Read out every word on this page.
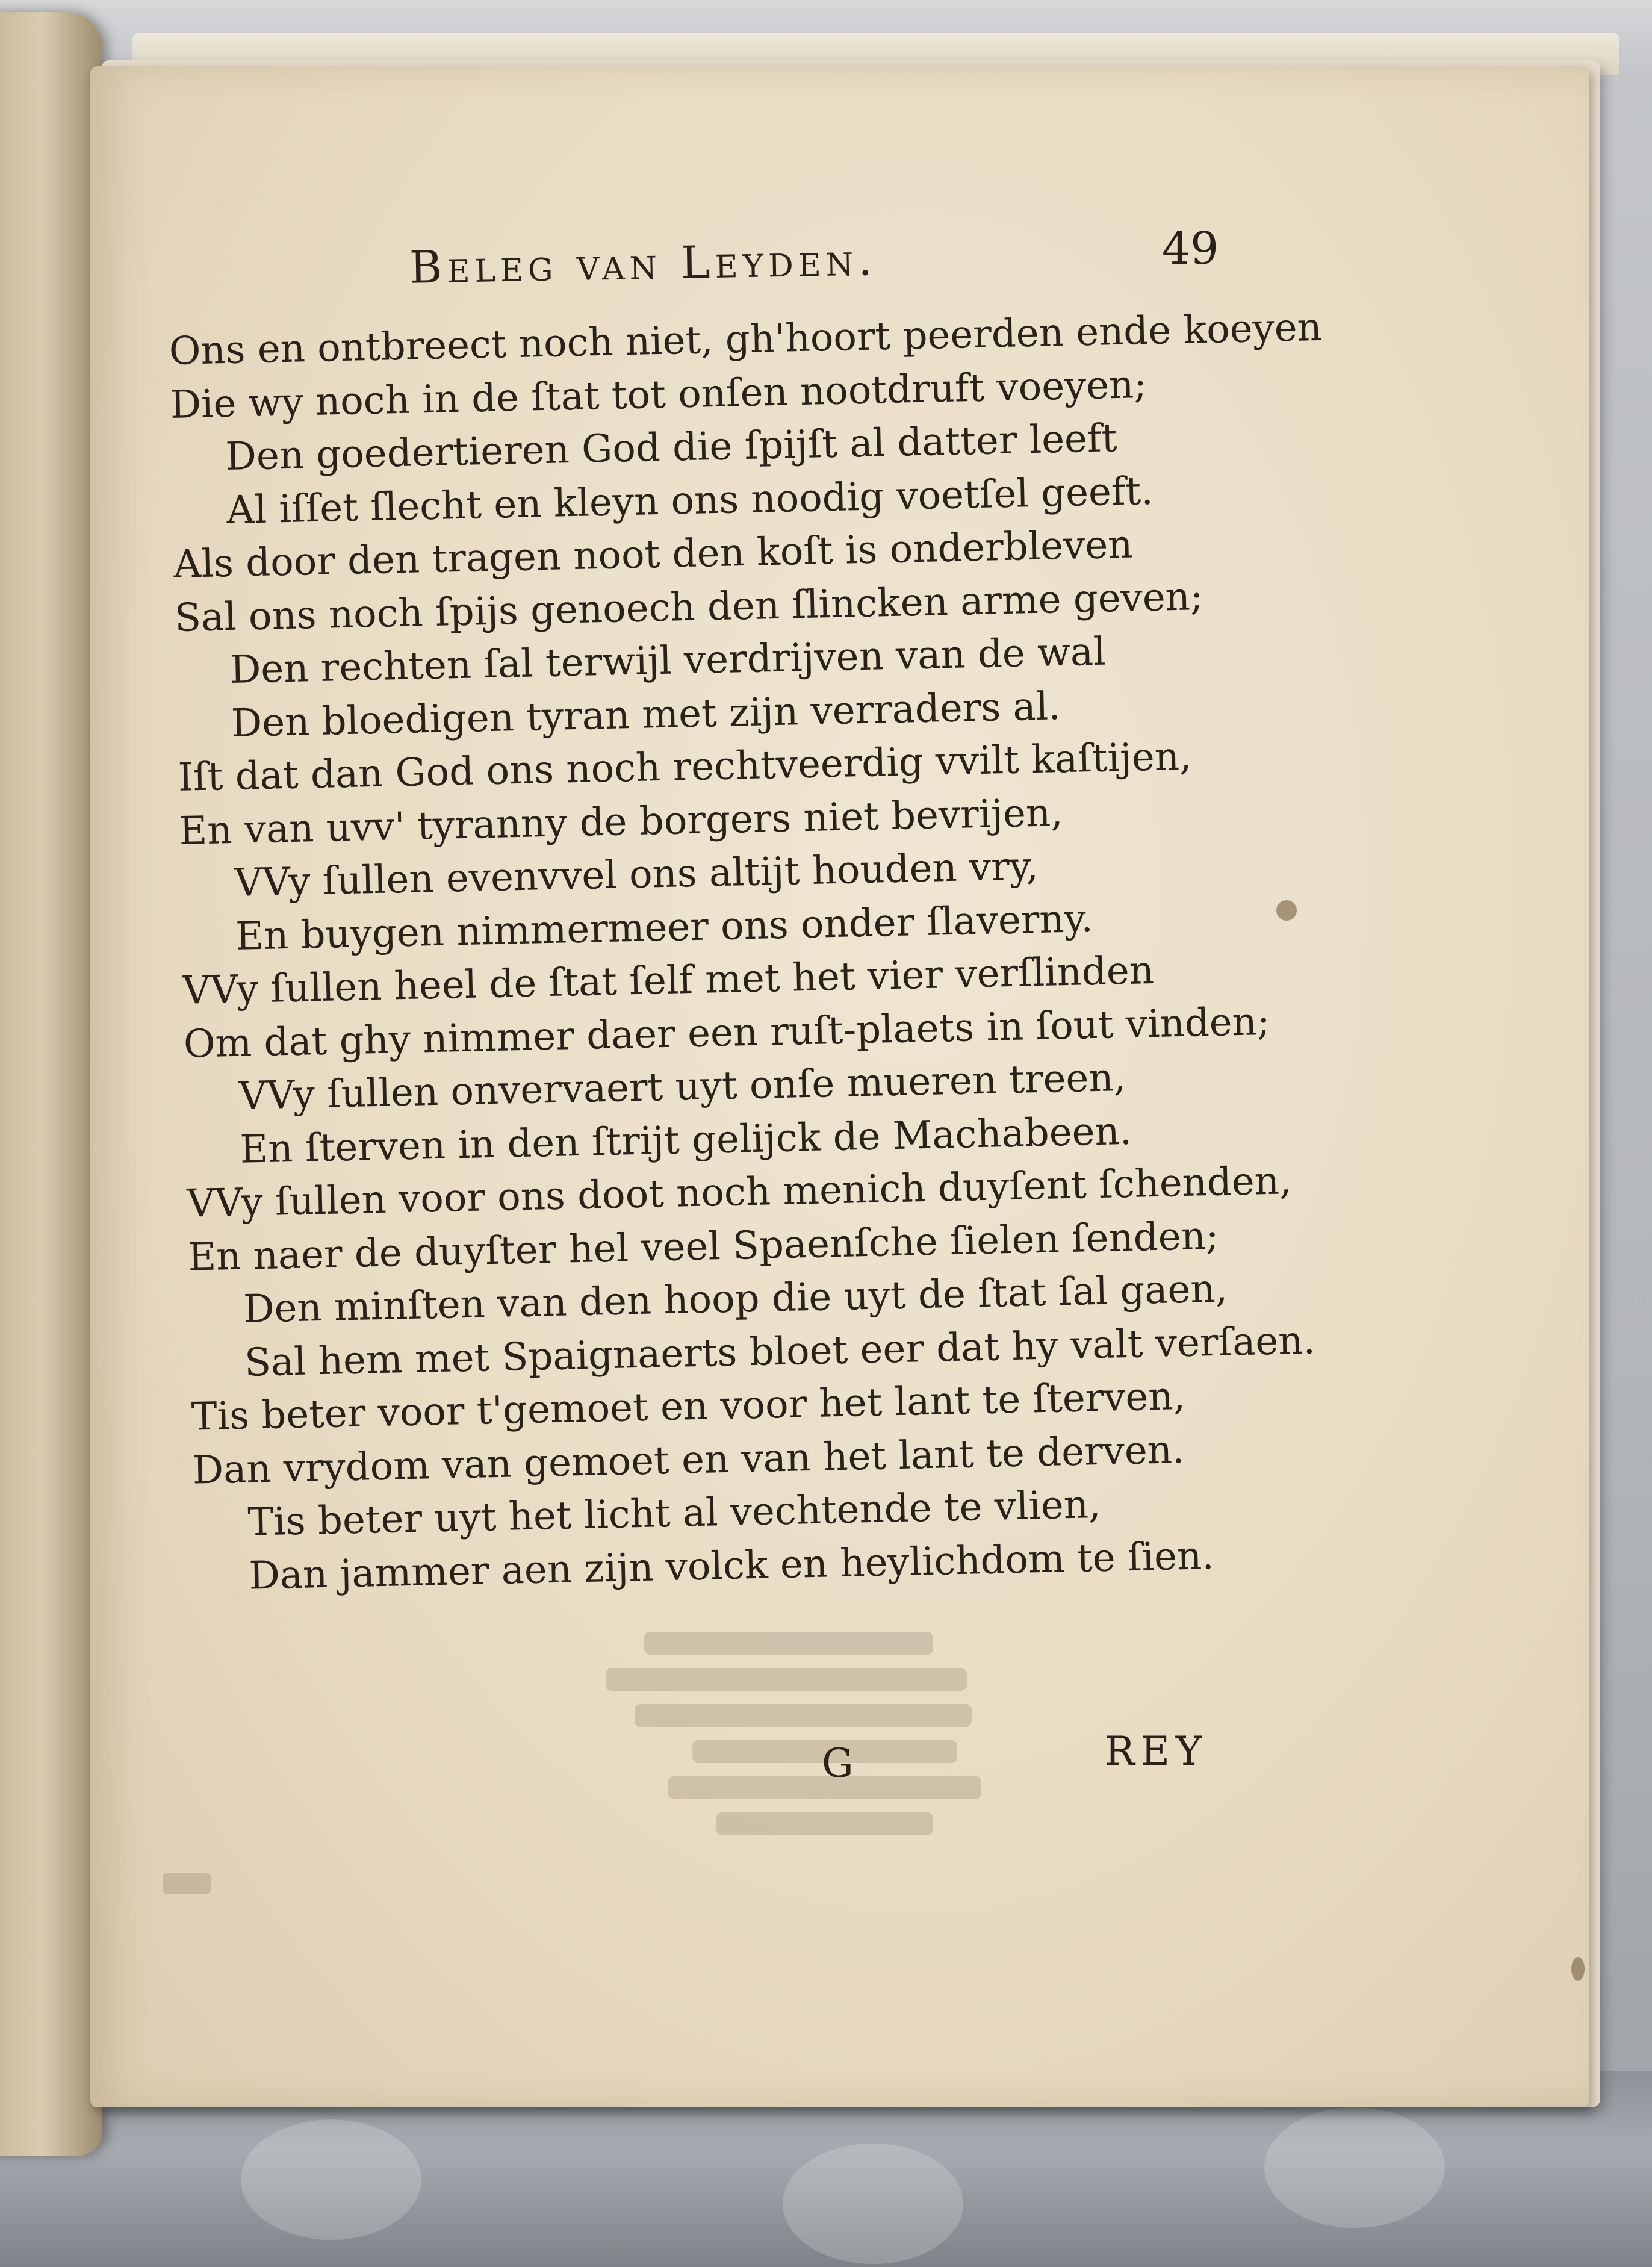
Beleg van Leyden.	49
Ons en ontbreect noch niet, gh'hoort peerden ende koeyen
Die wy noch in de ſtat tot onſen nootdruft voeyen;
Den goedertieren God die ſpijſt al datter leeft
Al iſſet ſlecht en kleyn ons noodig voetſel geeft.
Als door den tragen noot den koſt is onderbleven
Sal ons noch ſpijs genoech den ſlincken arme geven;
Den rechten ſal terwijl verdrijven van de wal
Den bloedigen tyran met zijn verraders al.
Iſt dat dan God ons noch rechtveerdig vvilt kaſtijen,
En van uvv' tyranny de borgers niet bevrijen,
VVy ſullen evenvvel ons altijt houden vry,
En buygen nimmermeer ons onder ſlaverny.
VVy ſullen heel de ſtat ſelf met het vier verſlinden
Om dat ghy nimmer daer een ruſt-plaets in ſout vinden;
VVy ſullen onvervaert uyt onſe mueren treen,
En ſterven in den ſtrijt gelijck de Machabeen.
VVy ſullen voor ons doot noch menich duyſent ſchenden,
En naer de duyſter hel veel Spaenſche ſielen ſenden;
Den minſten van den hoop die uyt de ſtat ſal gaen,
Sal hem met Spaignaerts bloet eer dat hy valt verſaen.
Tis beter voor t'gemoet en voor het lant te ſterven,
Dan vrydom van gemoet en van het lant te derven.
Tis beter uyt het licht al vechtende te vlien,
Dan jammer aen zijn volck en heylichdom te ſien.
G	REY
